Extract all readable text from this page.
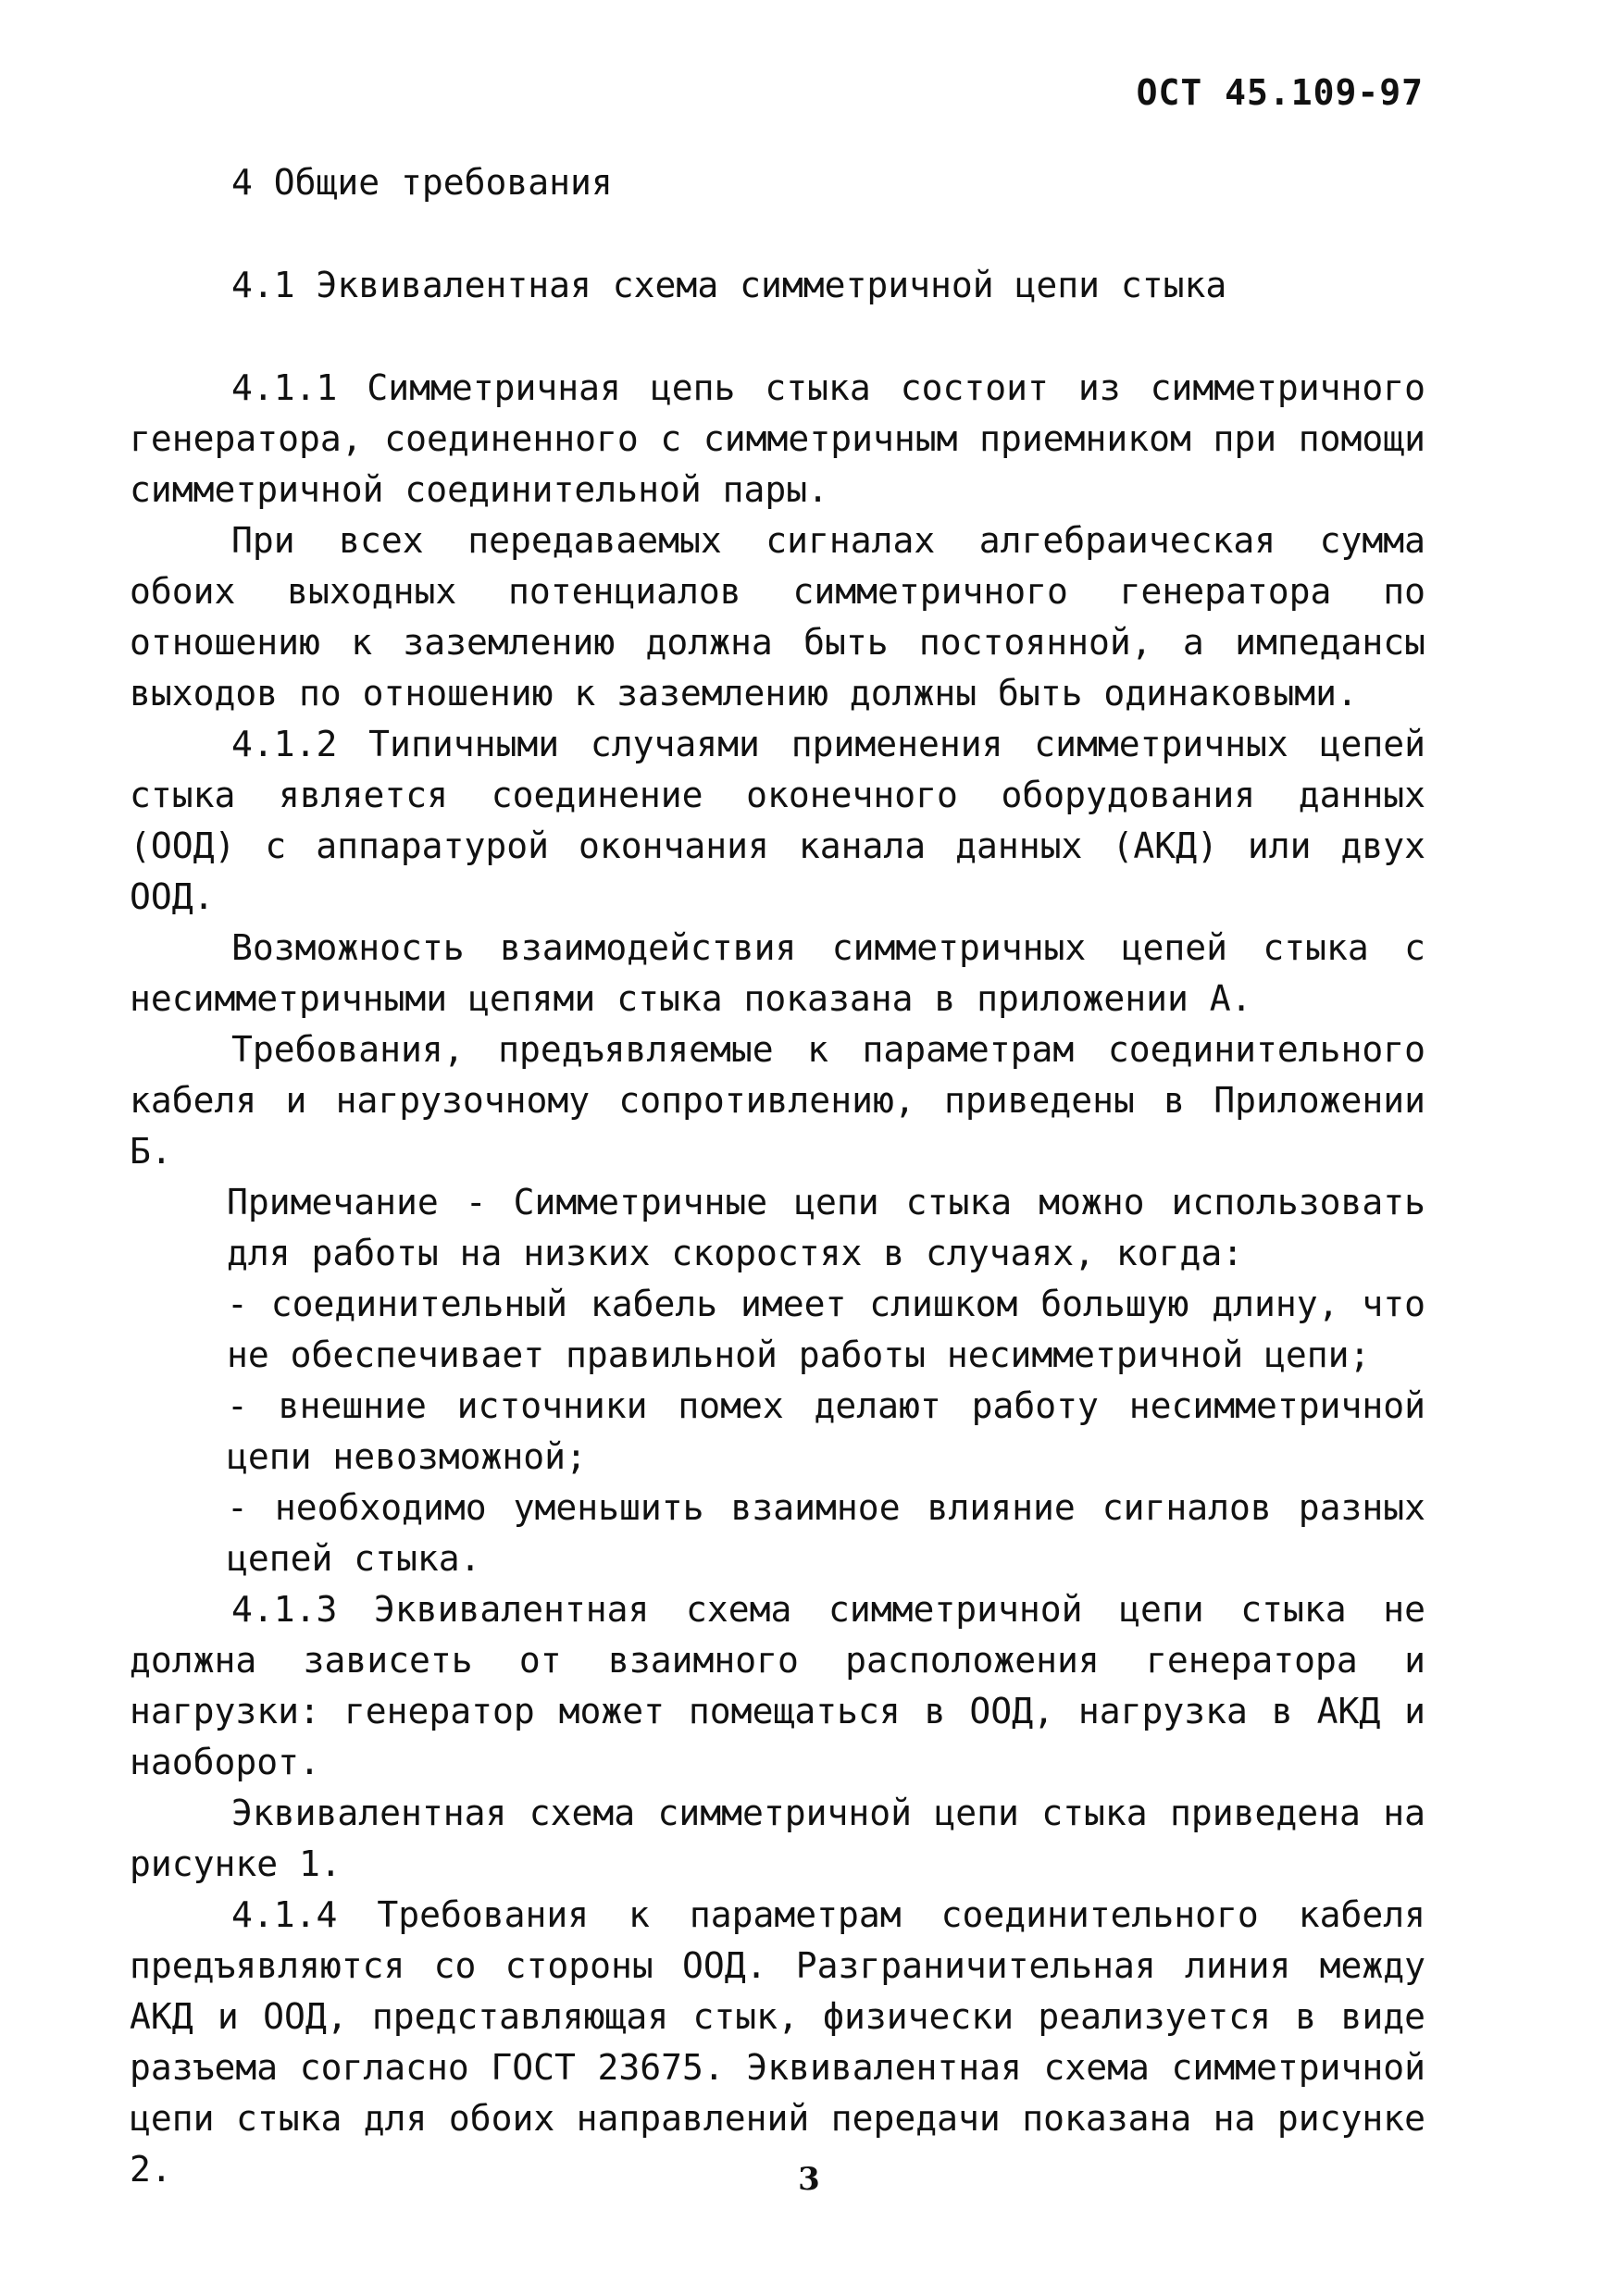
ОСТ 45.109-97

4 Общие требования

4.1 Эквивалентная схема симметричной цепи стыка

4.1.1 Симметричная цепь стыка состоит из симметричного генератора, соединенного с симметричным приемником при помощи симметричной соединительной пары.

При всех передаваемых сигналах алгебраическая сумма обоих выходных потенциалов симметричного генератора по отношению к заземлению должна быть постоянной, а импедансы выходов по отношению к заземлению должны быть одинаковыми.

4.1.2 Типичными случаями применения симметричных цепей стыка является соединение оконечного оборудования данных (ООД) с аппаратурой окончания канала данных (АКД) или двух ООД.

Возможность взаимодействия симметричных цепей стыка с несимметричными цепями стыка показана в приложении А.

Требования, предъявляемые к параметрам соединительного кабеля и нагрузочному сопротивлению, приведены в Приложении Б.

Примечание - Симметричные цепи стыка можно использовать для работы на низких скоростях в случаях, когда:

- соединительный кабель имеет слишком большую длину, что не обеспечивает правильной работы несимметричной цепи;

- внешние источники помех делают работу несимметричной цепи невозможной;

- необходимо уменьшить взаимное влияние сигналов разных цепей стыка.

4.1.3 Эквивалентная схема симметричной цепи стыка не должна зависеть от взаимного расположения генератора и нагрузки: генератор может помещаться в ООД, нагрузка в АКД и наоборот.

Эквивалентная схема симметричной цепи стыка приведена на рисунке 1.

4.1.4 Требования к параметрам соединительного кабеля предъявляются со стороны ООД. Разграничительная линия между АКД и ООД, представляющая стык, физически реализуется в виде разъема согласно ГОСТ 23675. Эквивалентная схема симметричной цепи стыка для обоих направлений передачи показана на рисунке 2.	3
